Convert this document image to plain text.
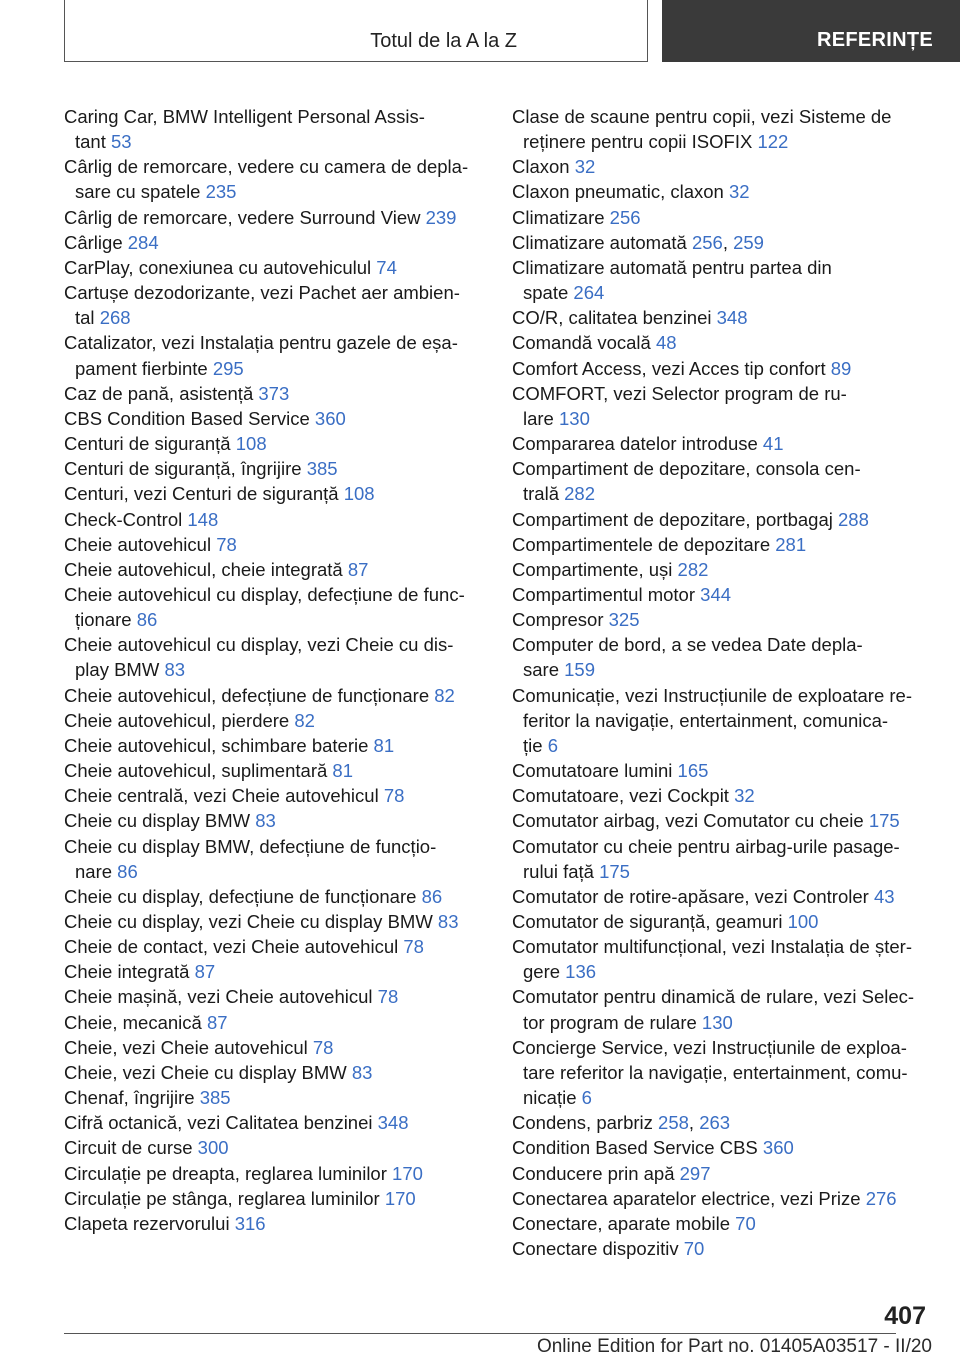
Totul de la A la Z	REFERINȚE
Caring Car, BMW Intelligent Personal Assis-
tant 53
Cârlig de remorcare, vedere cu camera de depla-
sare cu spatele 235
Cârlig de remorcare, vedere Surround View 239
Cârlige 284
CarPlay, conexiunea cu autovehiculul 74
Cartușe dezodorizante, vezi Pachet aer ambien-
tal 268
Catalizator, vezi Instalația pentru gazele de eșa-
pament fierbinte 295
Caz de pană, asistență 373
CBS Condition Based Service 360
Centuri de siguranță 108
Centuri de siguranță, îngrijire 385
Centuri, vezi Centuri de siguranță 108
Check-Control 148
Cheie autovehicul 78
Cheie autovehicul, cheie integrată 87
Cheie autovehicul cu display, defecțiune de func-
ționare 86
Cheie autovehicul cu display, vezi Cheie cu dis-
play BMW 83
Cheie autovehicul, defecțiune de funcționare 82
Cheie autovehicul, pierdere 82
Cheie autovehicul, schimbare baterie 81
Cheie autovehicul, suplimentară 81
Cheie centrală, vezi Cheie autovehicul 78
Cheie cu display BMW 83
Cheie cu display BMW, defecțiune de funcțio-
nare 86
Cheie cu display, defecțiune de funcționare 86
Cheie cu display, vezi Cheie cu display BMW 83
Cheie de contact, vezi Cheie autovehicul 78
Cheie integrată 87
Cheie mașină, vezi Cheie autovehicul 78
Cheie, mecanică 87
Cheie, vezi Cheie autovehicul 78
Cheie, vezi Cheie cu display BMW 83
Chenaf, îngrijire 385
Cifră octanică, vezi Calitatea benzinei 348
Circuit de curse 300
Circulație pe dreapta, reglarea luminilor 170
Circulație pe stânga, reglarea luminilor 170
Clapeta rezervorului 316
Clase de scaune pentru copii, vezi Sisteme de
reținere pentru copii ISOFIX 122
Claxon 32
Claxon pneumatic, claxon 32
Climatizare 256
Climatizare automată 256, 259
Climatizare automată pentru partea din
spate 264
CO/R, calitatea benzinei 348
Comandă vocală 48
Comfort Access, vezi Acces tip confort 89
COMFORT, vezi Selector program de ru-
lare 130
Compararea datelor introduse 41
Compartiment de depozitare, consola cen-
trală 282
Compartiment de depozitare, portbagaj 288
Compartimentele de depozitare 281
Compartimente, uși 282
Compartimentul motor 344
Compresor 325
Computer de bord, a se vedea Date depla-
sare 159
Comunicație, vezi Instrucțiunile de exploatare re-
feritor la navigație, entertainment, comunica-
ție 6
Comutatoare lumini 165
Comutatoare, vezi Cockpit 32
Comutator airbag, vezi Comutator cu cheie 175
Comutator cu cheie pentru airbag-urile pasage-
rului față 175
Comutator de rotire-apăsare, vezi Controler 43
Comutator de siguranță, geamuri 100
Comutator multifuncțional, vezi Instalația de șter-
gere 136
Comutator pentru dinamică de rulare, vezi Selec-
tor program de rulare 130
Concierge Service, vezi Instrucțiunile de exploa-
tare referitor la navigație, entertainment, comu-
nicație 6
Condens, parbriz 258, 263
Condition Based Service CBS 360
Conducere prin apă 297
Conectarea aparatelor electrice, vezi Prize 276
Conectare, aparate mobile 70
Conectare dispozitiv 70
407
Online Edition for Part no. 01405A03517 - II/20
